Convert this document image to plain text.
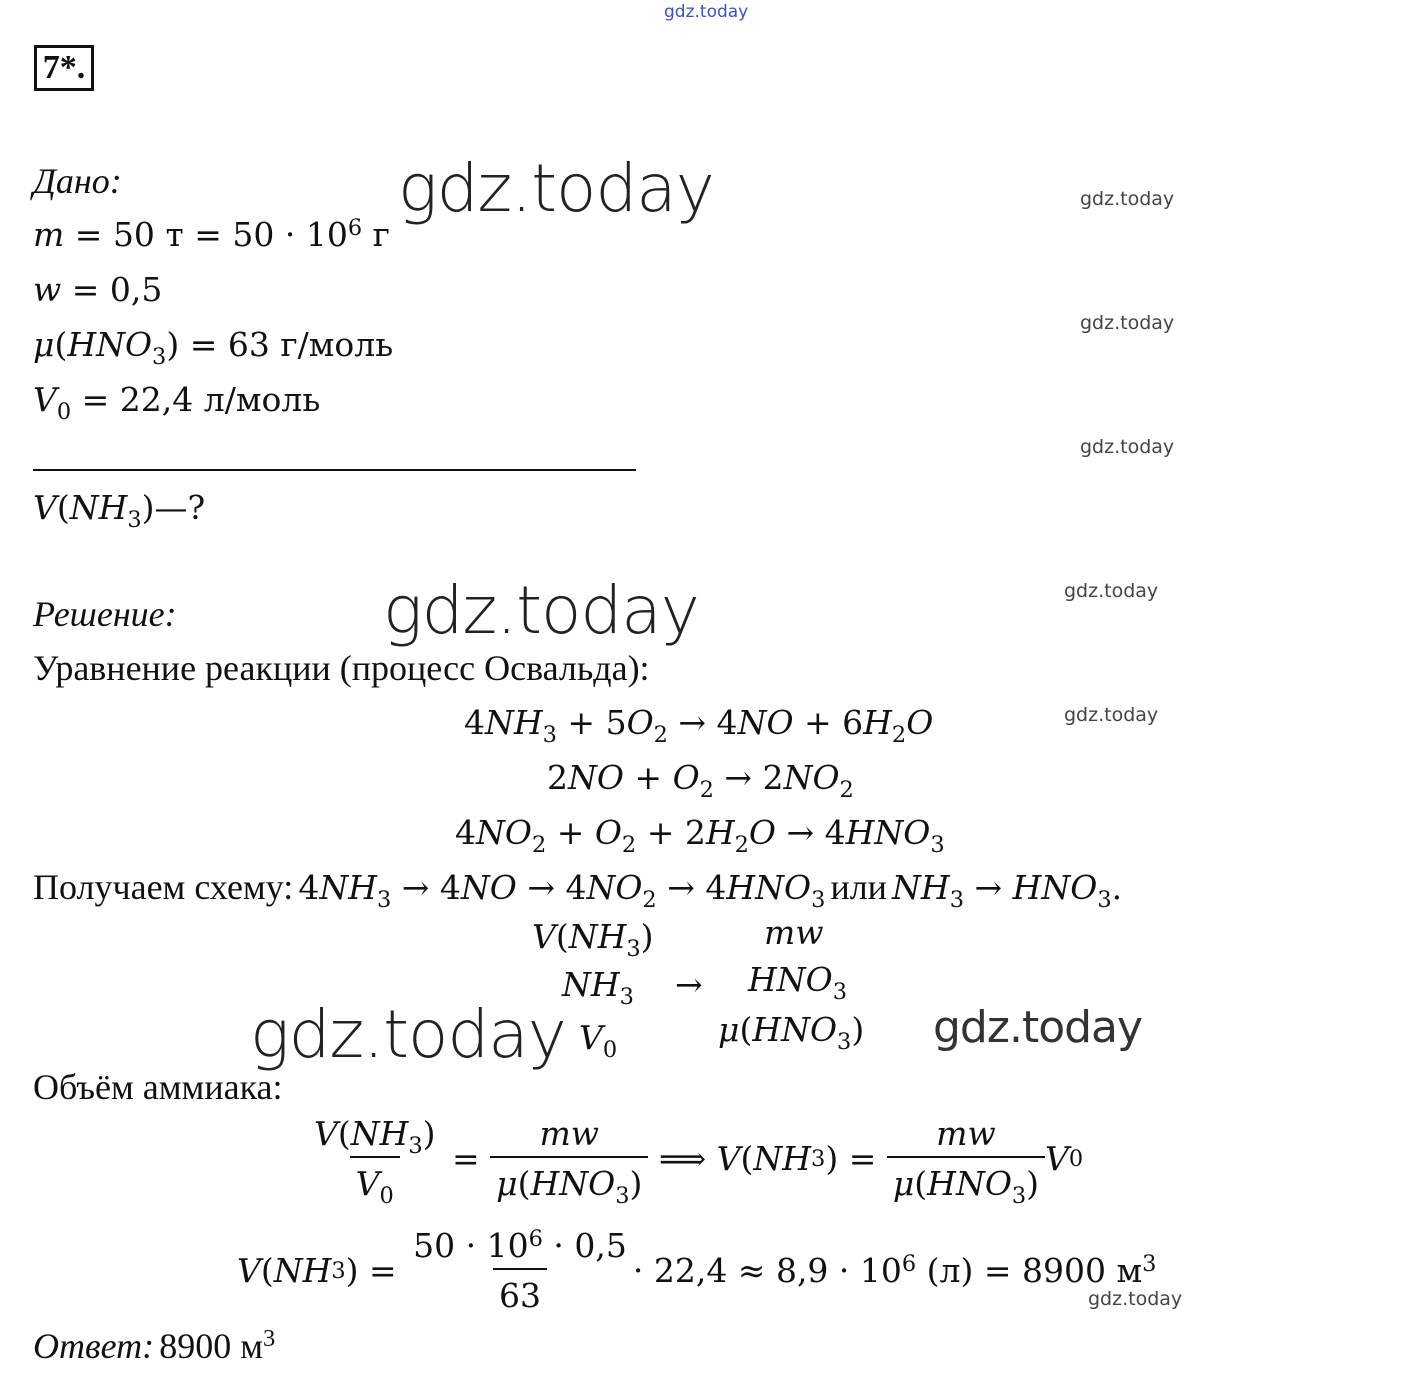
gdz.today
7*.
Дано:
m = 50 $т = 50 \cdot 10^6$ г
w = 0,5
$\mu(HNO_3) = 63$ г/моль
$V_0 = 22,4$ л/моль
$V(NH_3)—$?
Решение:
Уравнение реакции (процесс Освальда):
$4NH_3 + 5O_2 \to 4NO + 6H_2O$
$2NO + O_2 \to 2NO_2$
$4NO_2 + O_2 + 2H_2O \to 4HNO_3$
Получаем схему: $4NH_3 \to 4NO \to 4NO_2 \to 4HNO_3$ или $NH_3 \to HNO_3$.
$V(NH_3)$	mw
$NH_3 \to HNO_3$
$V_0$
$\mu(HNO_3)$
Объём аммиака:
$\frac{V(NH_3)}{V_0} = \frac{mw}{\mu(HNO_3)}$ ⟹ V ( NH 3 ) = $\frac{mw}{\mu(HNO_3)}$ V 0
V ( NH 3 ) = $\frac{50 \cdot 10^6 \cdot 0,5}{63} \cdot 22,4 \approx 8,9 \cdot 10^6$ (л) = 8900 $м^3$
Ответ: 8900 $м^3$
gdz.today
gdz.today
gdz.today	gdz.today
gdz.today
gdz.today
gdz.today
gdz.today
gdz.today
gdz.today
